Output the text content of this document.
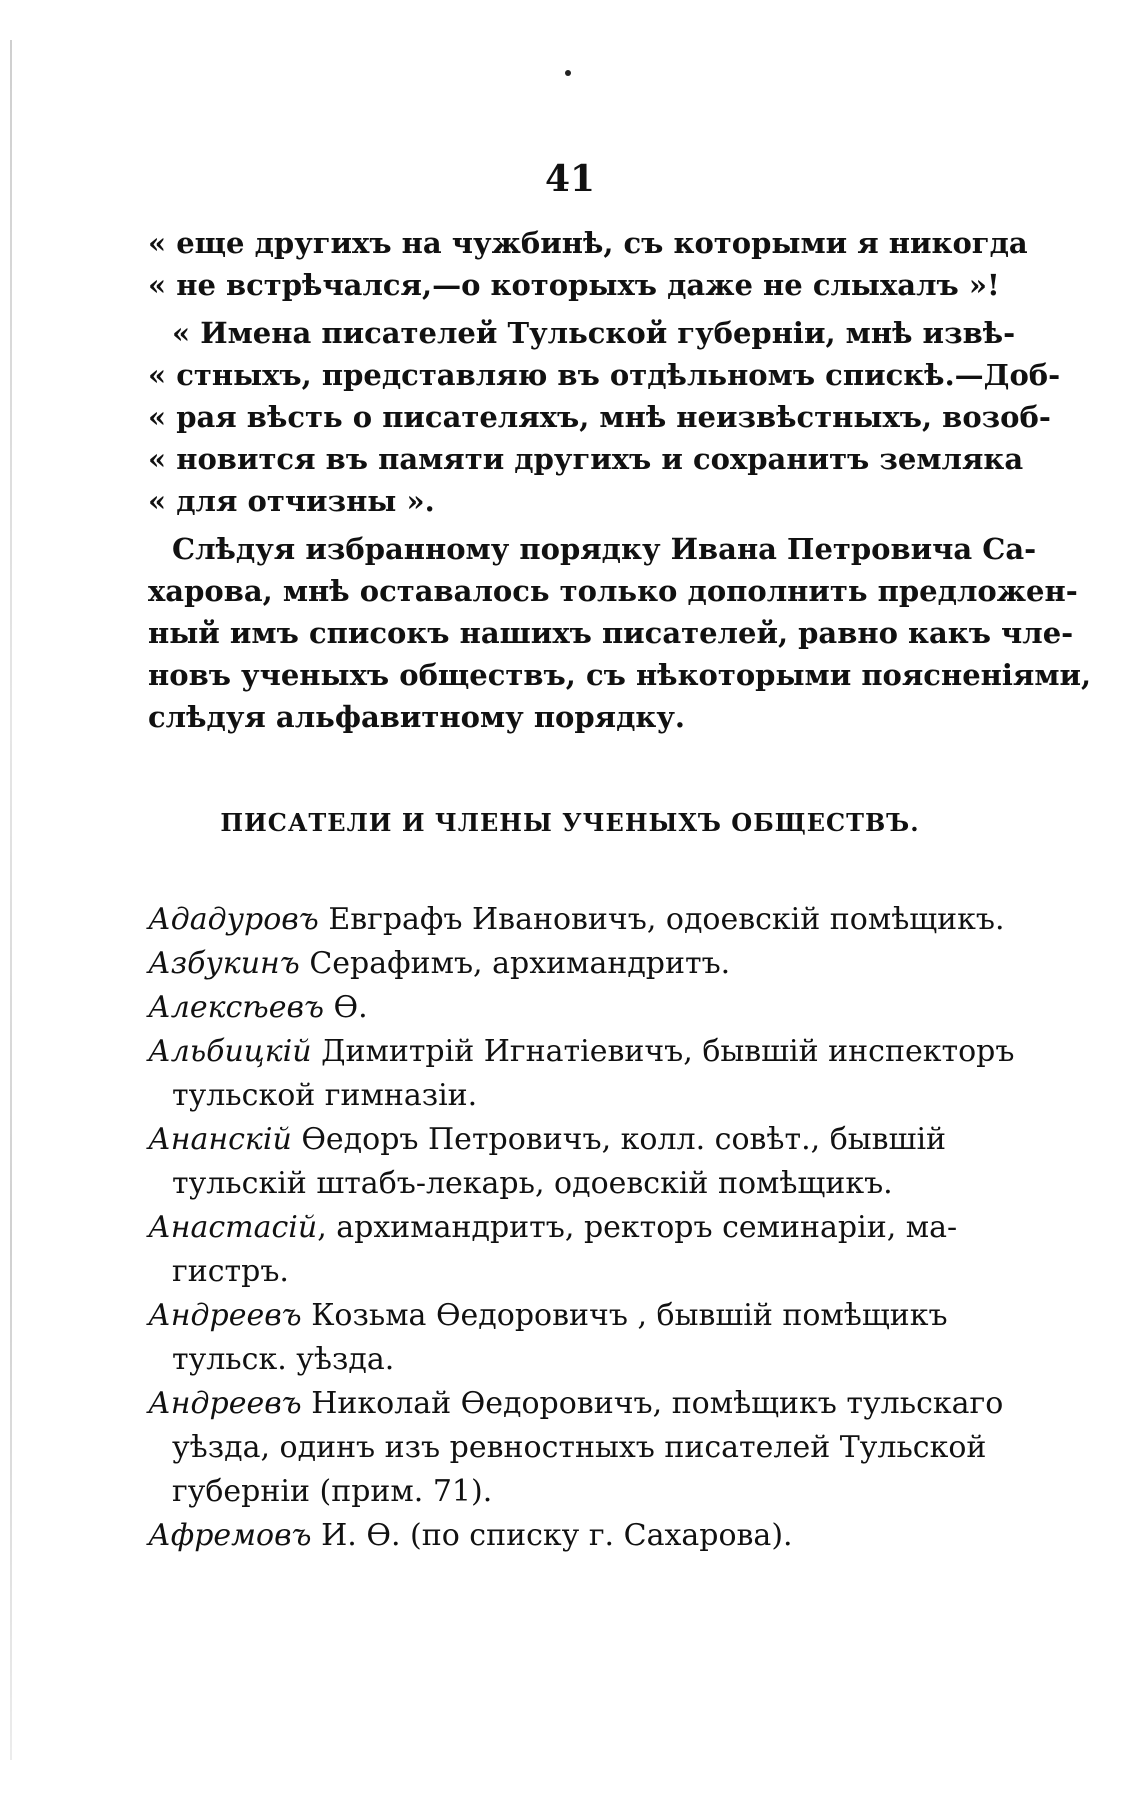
41
« еще другихъ на чужбинѣ, съ которыми я никогда
« не встрѣчался,—о которыхъ даже не слыхалъ »!
« Имена писателей Тульской губерніи, мнѣ извѣ-
« стныхъ, представляю въ отдѣльномъ спискѣ.—Доб-
« рая вѣсть о писателяхъ, мнѣ неизвѣстныхъ, возоб-
« новится въ памяти другихъ и сохранитъ земляка
« для отчизны ».
Слѣдуя избранному порядку Ивана Петровича Са-
харова, мнѣ оставалось только дополнить предложен-
ный имъ списокъ нашихъ писателей, равно какъ чле-
новъ ученыхъ обществъ, съ нѣкоторыми поясненіями,
слѣдуя альфавитному порядку.
ПИСАТЕЛИ И ЧЛЕНЫ УЧЕНЫХЪ ОБЩЕСТВЪ.
Ададуровъ Евграфъ Ивановичъ, одоевскій помѣщикъ.
Азбукинъ Серафимъ, архимандритъ.
Алексѣевъ Ѳ.
Альбицкій Димитрій Игнатіевичъ, бывшій инспекторъ
тульской гимназіи.
Ананскій Ѳедоръ Петровичъ, колл. совѣт., бывшій
тульскій штабъ-лекарь, одоевскій помѣщикъ.
Анастасій, архимандритъ, ректоръ семинаріи, ма-
гистръ.
Андреевъ Козьма Ѳедоровичъ , бывшій помѣщикъ
тульск. уѣзда.
Андреевъ Николай Ѳедоровичъ, помѣщикъ тульскаго
уѣзда, одинъ изъ ревностныхъ писателей Тульской
губерніи (прим. 71).
Афремовъ И. Ѳ. (по списку г. Сахарова).
